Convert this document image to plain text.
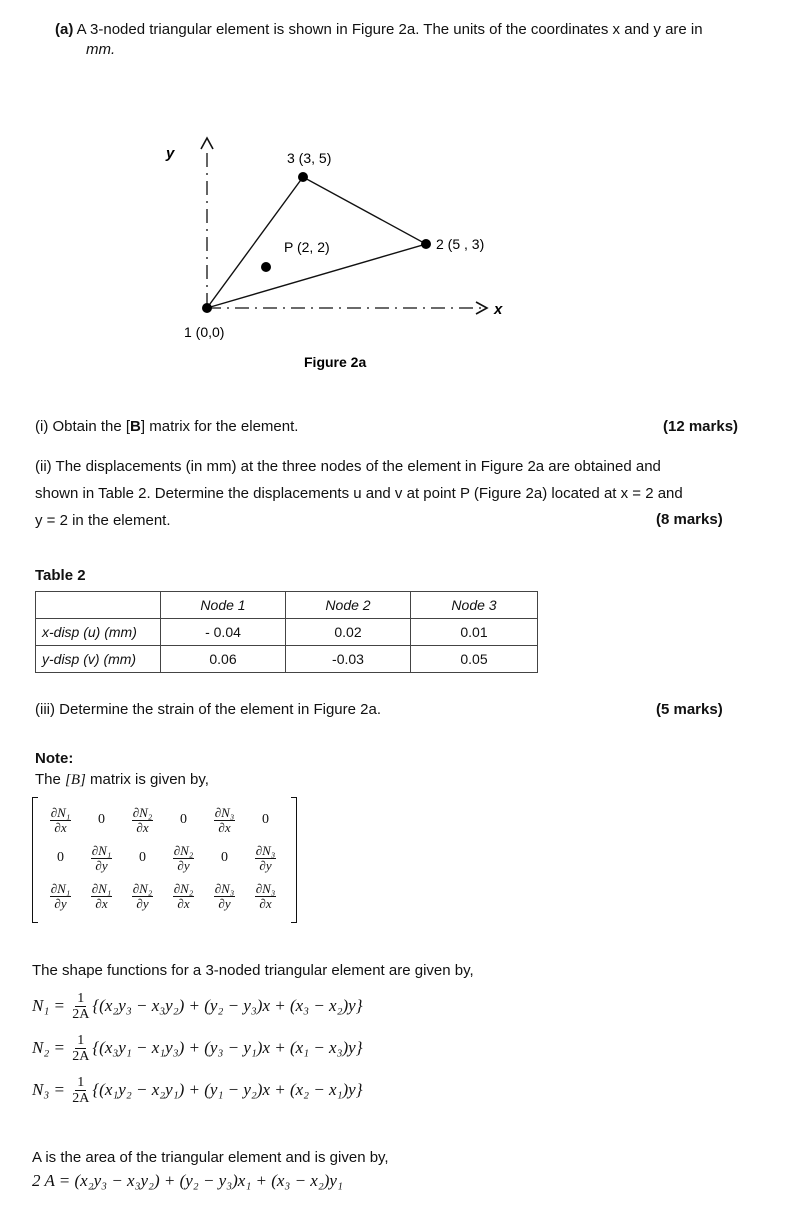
(a) A 3-noded triangular element is shown in Figure 2a. The units of the coordinates x and y are in
mm.
y
x
1 (0,0)
2 (5 , 3)
3 (3, 5)
P (2, 2)
Figure 2a
(i) Obtain the [B] matrix for the element.	(12 marks)
(ii) The displacements (in mm) at the three nodes of the element in Figure 2a are obtained and
shown in Table 2. Determine the displacements u and v at point P (Figure 2a) located at x = 2 and
y = 2 in the element.	(8 marks)
Table 2
	Node 1	Node 2	Node 3
x-disp (u) (mm)	- 0.04	0.02	0.01
y-disp (v) (mm)	0.06	-0.03	0.05
(iii) Determine the strain of the element in Figure 2a.	(5 marks)
Note:
The [B] matrix is given by,
$\frac{\text{∂N₁}}{\partial x} 0 \frac{\text{∂N₂}}{\partial x} 0 \frac{\text{∂N₃}}{\partial x} 0$
$0 \frac{\text{∂N₁}}{\partial y} 0 \frac{\text{∂N₂}}{\partial y} 0 \frac{\text{∂N₃}}{\partial y}$
$\frac{\text{∂N₁}}{\partial y} \frac{\text{∂N₁}}{\partial x} \frac{\text{∂N₂}}{\partial y} \frac{\text{∂N₂}}{\partial x} \frac{\text{∂N₃}}{\partial y} \frac{\text{∂N₃}}{\partial x}$
The shape functions for a 3-noded triangular element are given by,
$N_1 = \frac{1}{2A} \{(x_2y_3 - x_3y_2) + (y_2 - y_3)x + (x_3 - x_2)y\}$
$N_2 = \frac{1}{2A} \{(x_3y_1 - x_1y_3) + (y_3 - y_1)x + (x_1 - x_3)y\}$
$N_3 = \frac{1}{2A} \{(x_1y_2 - x_2y_1) + (y_1 - y_2)x + (x_2 - x_1)y\}$
A is the area of the triangular element and is given by,
2 A = (x₂y₃ − x₃y₂) + (y₂ − y₃)x₁ + (x₃ − x₂)y₁
